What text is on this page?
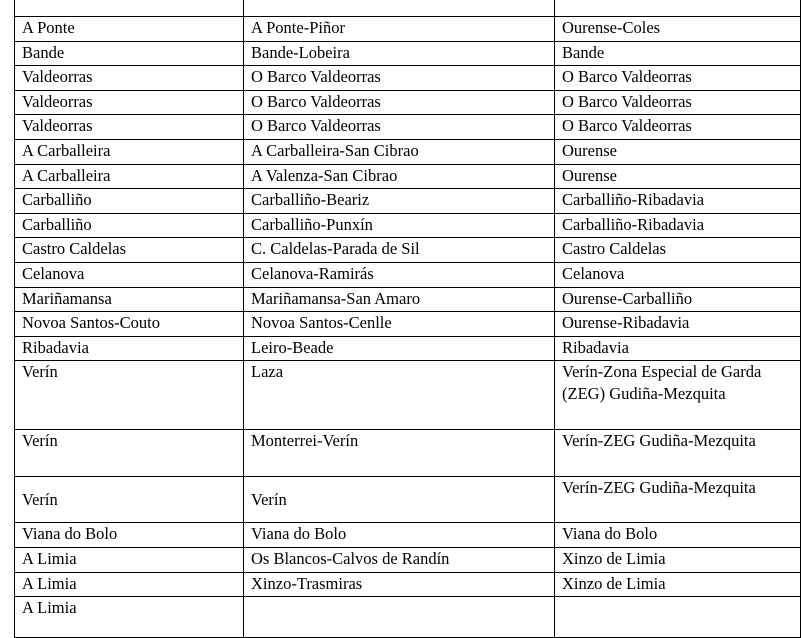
A Ponte	A Ponte-Piñor	Ourense-Coles
Bande	Bande-Lobeira	Bande
Valdeorras	O Barco Valdeorras	O Barco Valdeorras
Valdeorras	O Barco Valdeorras	O Barco Valdeorras
Valdeorras	O Barco Valdeorras	O Barco Valdeorras
A Carballeira	A Carballeira-San Cibrao	Ourense
A Carballeira	A Valenza-San Cibrao	Ourense
Carballiño	Carballiño-Beariz	Carballiño-Ribadavia
Carballiño	Carballiño-Punxín	Carballiño-Ribadavia
Castro Caldelas	C. Caldelas-Parada de Sil	Castro Caldelas
Celanova	Celanova-Ramirás	Celanova
Mariñamansa	Mariñamansa-San Amaro	Ourense-Carballiño
Novoa Santos-Couto	Novoa Santos-Cenlle	Ourense-Ribadavia
Ribadavia	Leiro-Beade	Ribadavia
Verín	Laza	Verín-Zona Especial de Garda (ZEG) Gudiña-Mezquita
Verín	Monterrei-Verín	Verín-ZEG Gudiña-Mezquita
Verín	Verín	Verín-ZEG Gudiña-Mezquita
Viana do Bolo	Viana do Bolo	Viana do Bolo
A Limia	Os Blancos-Calvos de Randín	Xinzo de Limia
A Limia	Xinzo-Trasmiras	Xinzo de Limia
A Limia		
